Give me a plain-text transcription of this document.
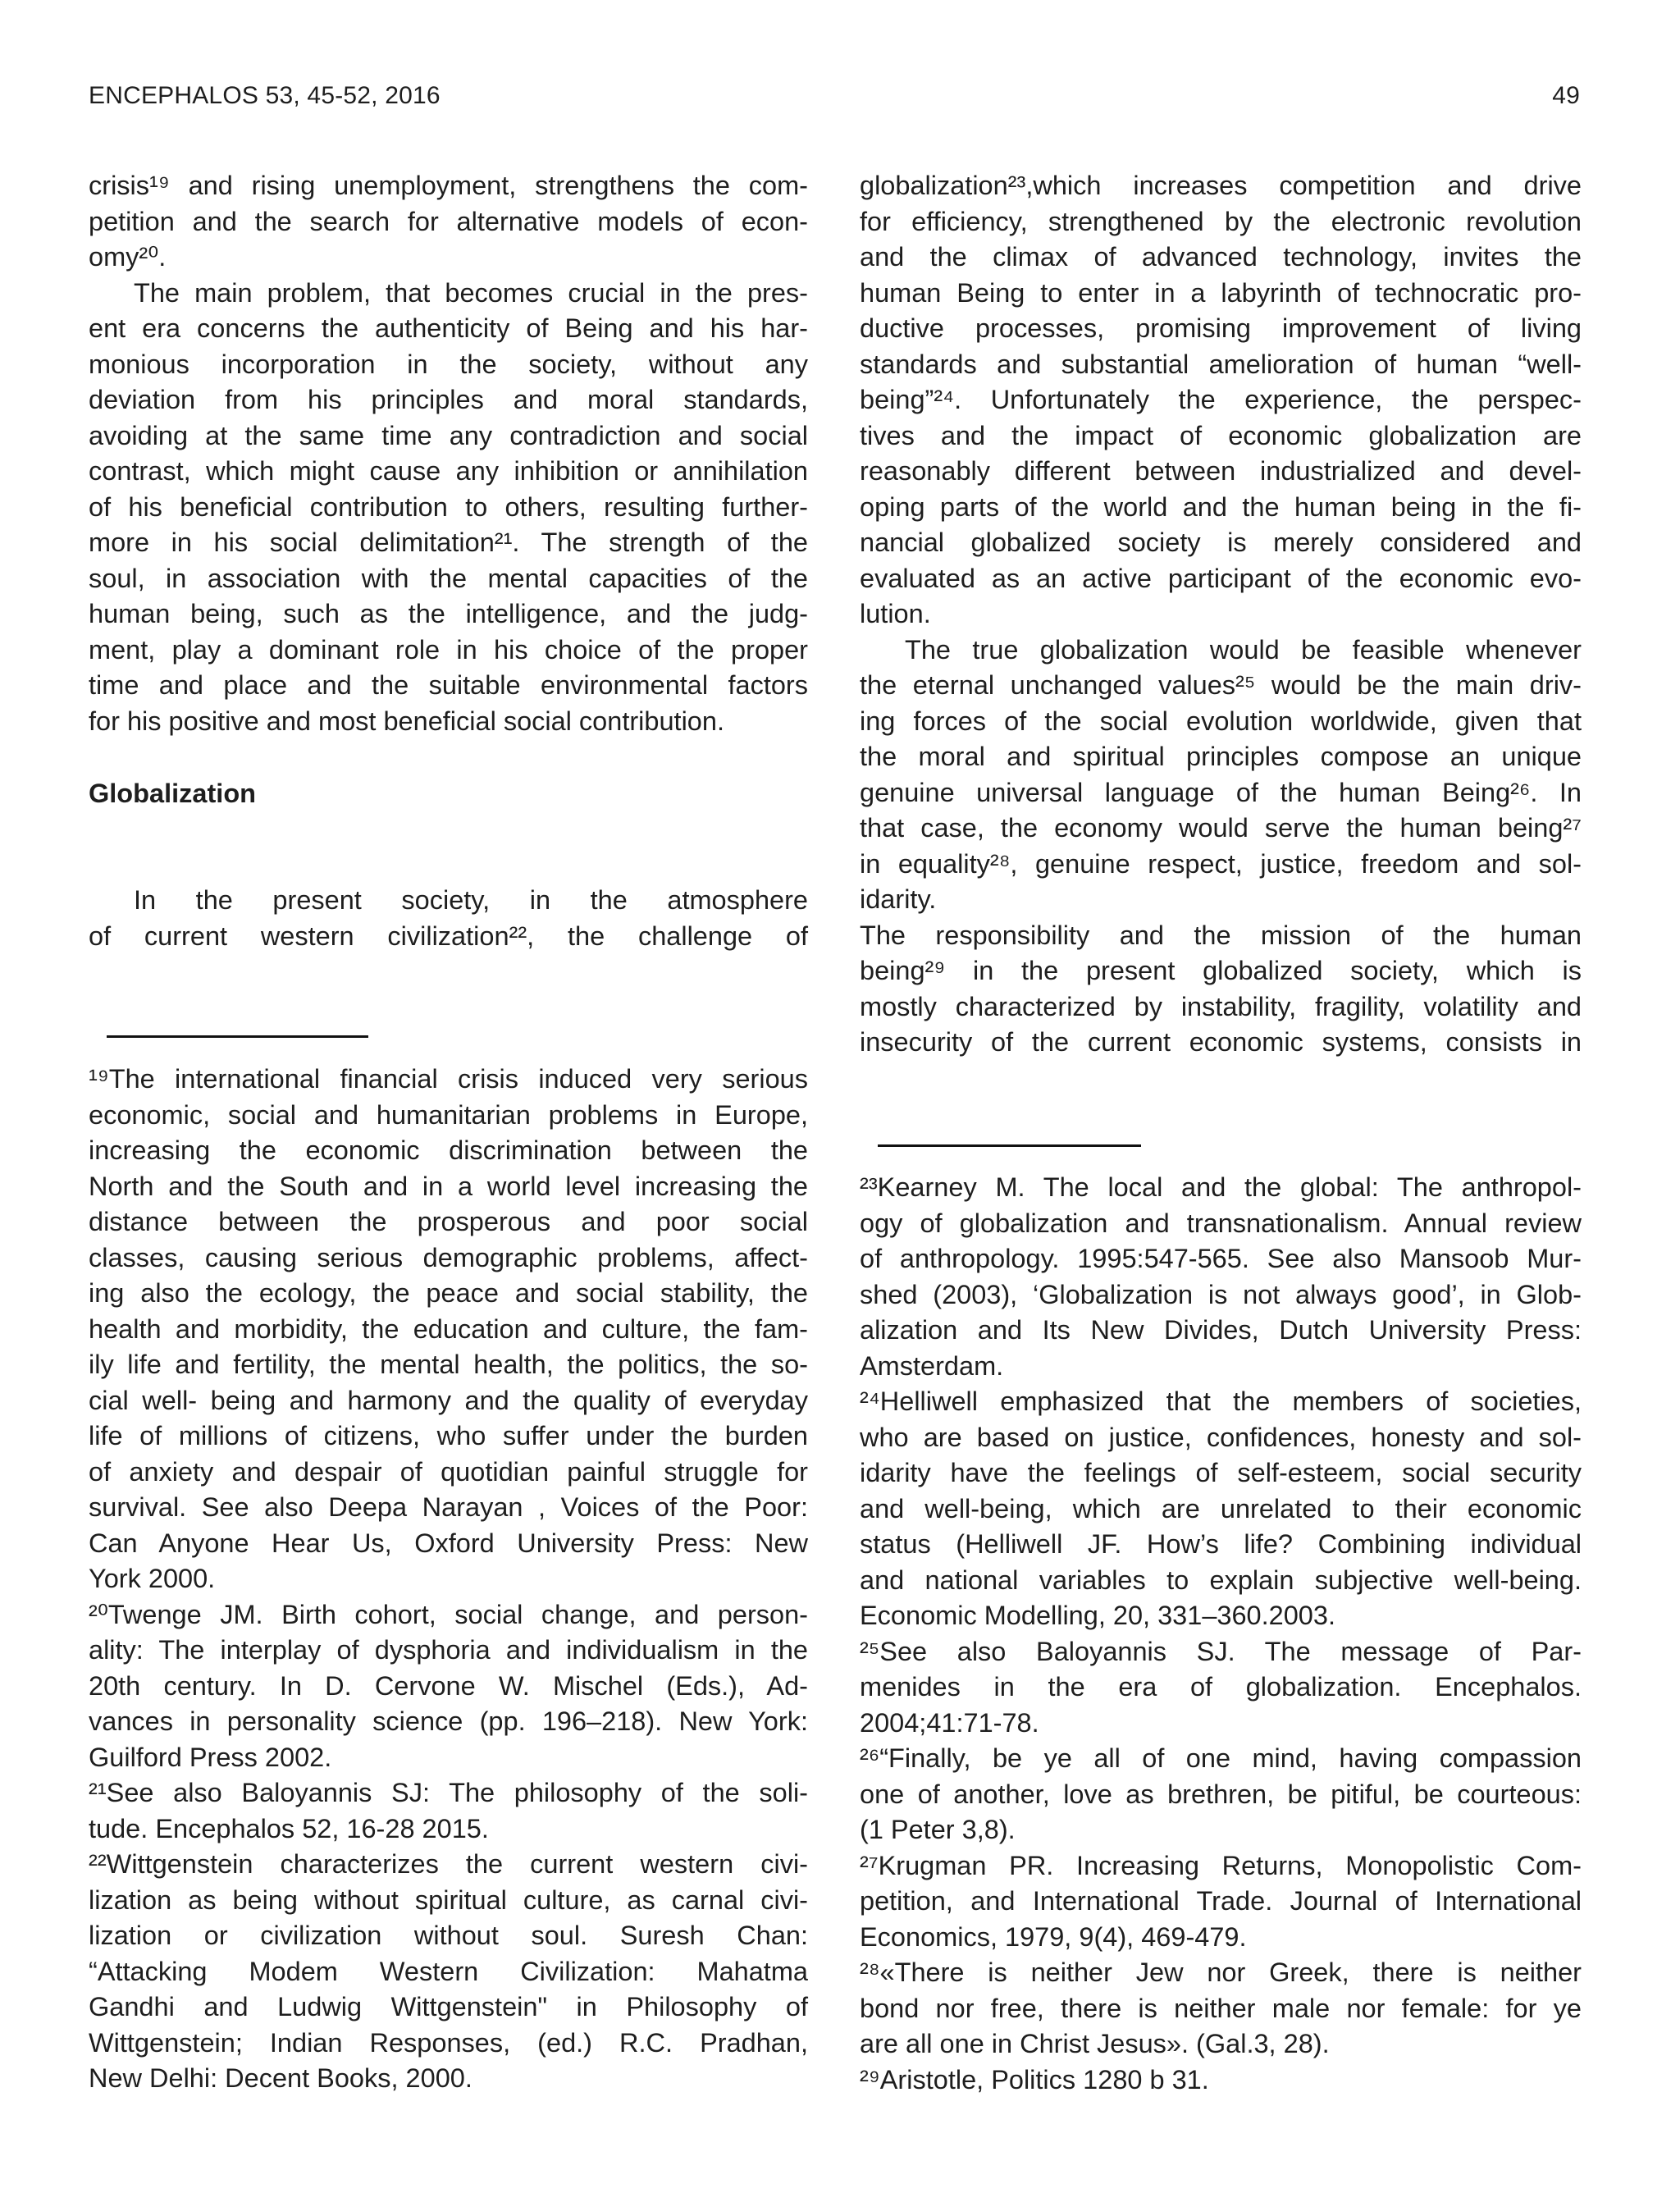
ENCEPHALOS 53, 45-52, 2016	49
crisis¹⁹ and rising unemployment, strengthens the com-
petition and the search for alternative models of econ-
omy²⁰.
The main problem, that becomes crucial in the pres-
ent era concerns the authenticity of Being and his har-
monious incorporation in the society, without any
deviation from his principles and moral standards,
avoiding at the same time any contradiction and social
contrast, which might cause any inhibition or annihilation
of his beneficial contribution to others, resulting further-
more in his social delimitation²¹. The strength of the
soul, in association with the mental capacities of the
human being, such as the intelligence, and the judg-
ment, play a dominant role in his choice of the proper
time and place and the suitable environmental factors
for his positive and most beneficial social contribution.
Globalization
In the present society, in the atmosphere
of current western civilization²², the challenge of
¹⁹The international financial crisis induced very serious
economic, social and humanitarian problems in Europe,
increasing the economic discrimination between the
North and the South and in a world level increasing the
distance between the prosperous and poor social
classes, causing serious demographic problems, affect-
ing also the ecology, the peace and social stability, the
health and morbidity, the education and culture, the fam-
ily life and fertility, the mental health, the politics, the so-
cial well- being and harmony and the quality of everyday
life of millions of citizens, who suffer under the burden
of anxiety and despair of quotidian painful struggle for
survival. See also Deepa Narayan , Voices of the Poor:
Can Anyone Hear Us, Oxford University Press: New
York 2000.
²⁰Twenge JM. Birth cohort, social change, and person-
ality: The interplay of dysphoria and individualism in the
20th century. In D. Cervone W. Mischel (Eds.), Ad-
vances in personality science (pp. 196–218). New York:
Guilford Press 2002.
²¹See also Baloyannis SJ: The philosophy of the soli-
tude. Encephalos 52, 16-28 2015.
²²Wittgenstein characterizes the current western civi-
lization as being without spiritual culture, as carnal civi-
lization or civilization without soul. Suresh Chan:
“Attacking Modem Western Civilization: Mahatma
Gandhi and Ludwig Wittgenstein" in Philosophy of
Wittgenstein; Indian Responses, (ed.) R.C. Pradhan,
New Delhi: Decent Books, 2000.
globalization²³,which increases competition and drive
for efficiency, strengthened by the electronic revolution
and the climax of advanced technology, invites the
human Being to enter in a labyrinth of technocratic pro-
ductive processes, promising improvement of living
standards and substantial amelioration of human “well-
being”²⁴. Unfortunately the experience, the perspec-
tives and the impact of economic globalization are
reasonably different between industrialized and devel-
oping parts of the world and the human being in the fi-
nancial globalized society is merely considered and
evaluated as an active participant of the economic evo-
lution.
The true globalization would be feasible whenever
the eternal unchanged values²⁵ would be the main driv-
ing forces of the social evolution worldwide, given that
the moral and spiritual principles compose an unique
genuine universal language of the human Being²⁶. In
that case, the economy would serve the human being²⁷
in equality²⁸, genuine respect, justice, freedom and sol-
idarity.
The responsibility and the mission of the human
being²⁹ in the present globalized society, which is
mostly characterized by instability, fragility, volatility and
insecurity of the current economic systems, consists in
²³Kearney M. The local and the global: The anthropol-
ogy of globalization and transnationalism. Annual review
of anthropology. 1995:547-565. See also Mansoob Mur-
shed (2003), ‘Globalization is not always good’, in Glob-
alization and Its New Divides, Dutch University Press:
Amsterdam.
²⁴Helliwell emphasized that the members of societies,
who are based on justice, confidences, honesty and sol-
idarity have the feelings of self-esteem, social security
and well-being, which are unrelated to their economic
status (Helliwell JF. How’s life? Combining individual
and national variables to explain subjective well-being.
Economic Modelling, 20, 331–360.2003.
²⁵See also Baloyannis SJ. The message of Par-
menides in the era of globalization. Encephalos.
2004;41:71-78.
²⁶“Finally, be ye all of one mind, having compassion
one of another, love as brethren, be pitiful, be courteous:
(1 Peter 3,8).
²⁷Krugman PR. Increasing Returns, Monopolistic Com-
petition, and International Trade. Journal of International
Economics, 1979, 9(4), 469-479.
²⁸«There is neither Jew nor Greek, there is neither
bond nor free, there is neither male nor female: for ye
are all one in Christ Jesus». (Gal.3, 28).
²⁹Aristotle, Politics 1280 b 31.
